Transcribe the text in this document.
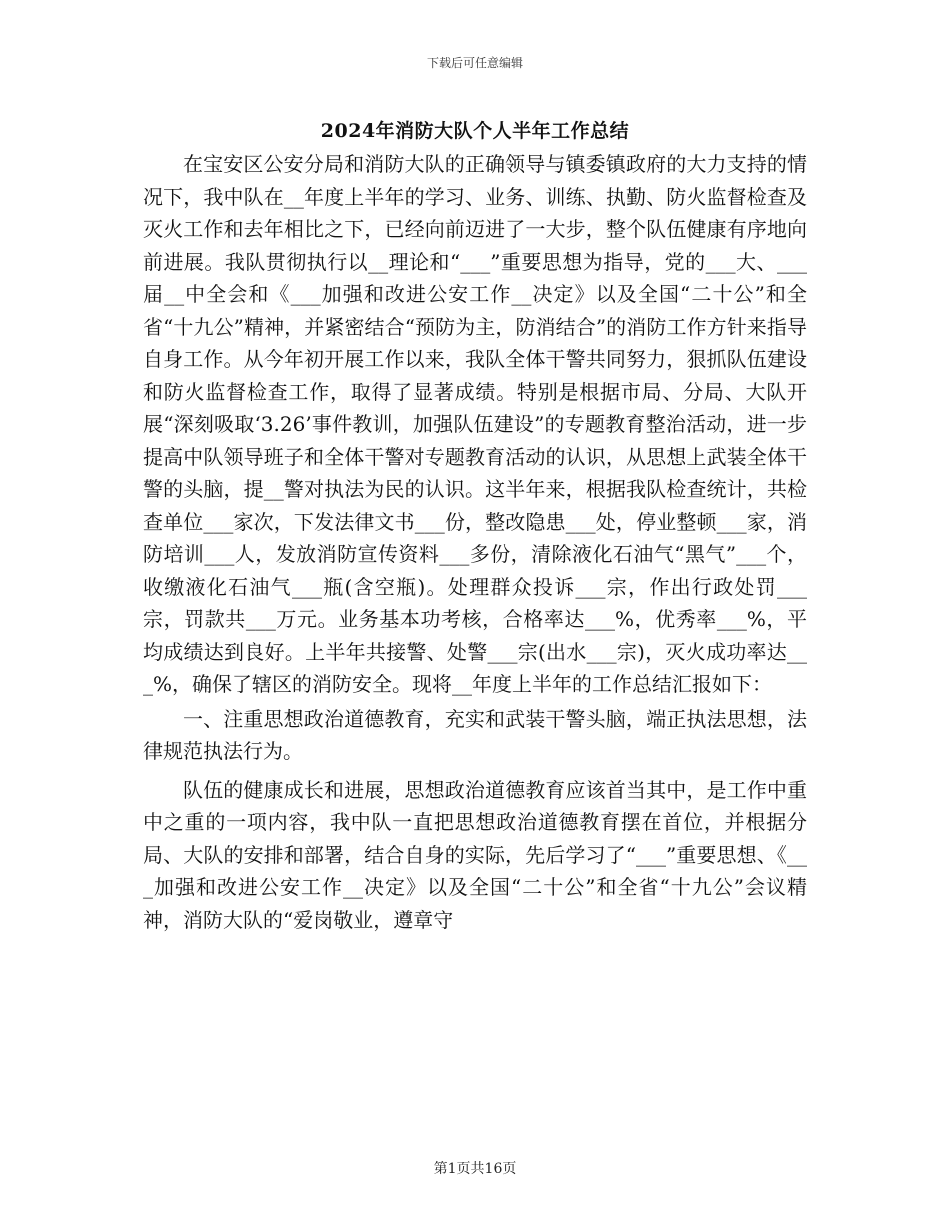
下载后可任意编辑
2024年消防大队个人半年工作总结

在宝安区公安分局和消防大队的正确领导与镇委镇政府的大力支持的情况下，我中队在__年度上半年的学习、业务、训练、执勤、防火监督检查及灭火工作和去年相比之下，已经向前迈进了一大步，整个队伍健康有序地向前进展。我队贯彻执行以__理论和“___”重要思想为指导，党的___大、___届__中全会和《___加强和改进公安工作__决定》以及全国“二十公”和全省“十九公”精神，并紧密结合“预防为主，防消结合”的消防工作方针来指导自身工作。从今年初开展工作以来，我队全体干警共同努力，狠抓队伍建设和防火监督检查工作，取得了显著成绩。特别是根据市局、分局、大队开展“深刻吸取‘3.26’事件教训，加强队伍建设”的专题教育整治活动，进一步提高中队领导班子和全体干警对专题教育活动的认识，从思想上武装全体干警的头脑，提__警对执法为民的认识。这半年来，根据我队检查统计，共检查单位___家次，下发法律文书___份，整改隐患___处，停业整顿___家，消防培训___人，发放消防宣传资料___多份，清除液化石油气“黑气”___个，收缴液化石油气___瓶(含空瓶)。处理群众投诉___宗，作出行政处罚___宗，罚款共___万元。业务基本功考核，合格率达___%，优秀率___%，平均成绩达到良好。上半年共接警、处警___宗(出水___宗)，灭火成功率达___%，确保了辖区的消防安全。现将__年度上半年的工作总结汇报如下：

一、注重思想政治道德教育，充实和武装干警头脑，端正执法思想，法律规范执法行为。

队伍的健康成长和进展，思想政治道德教育应该首当其中，是工作中重中之重的一项内容，我中队一直把思想政治道德教育摆在首位，并根据分局、大队的安排和部署，结合自身的实际，先后学习了“___”重要思想、《___加强和改进公安工作__决定》以及全国“二十公”和全省“十九公”会议精神，消防大队的“爱岗敬业，遵章守

第1页共16页
